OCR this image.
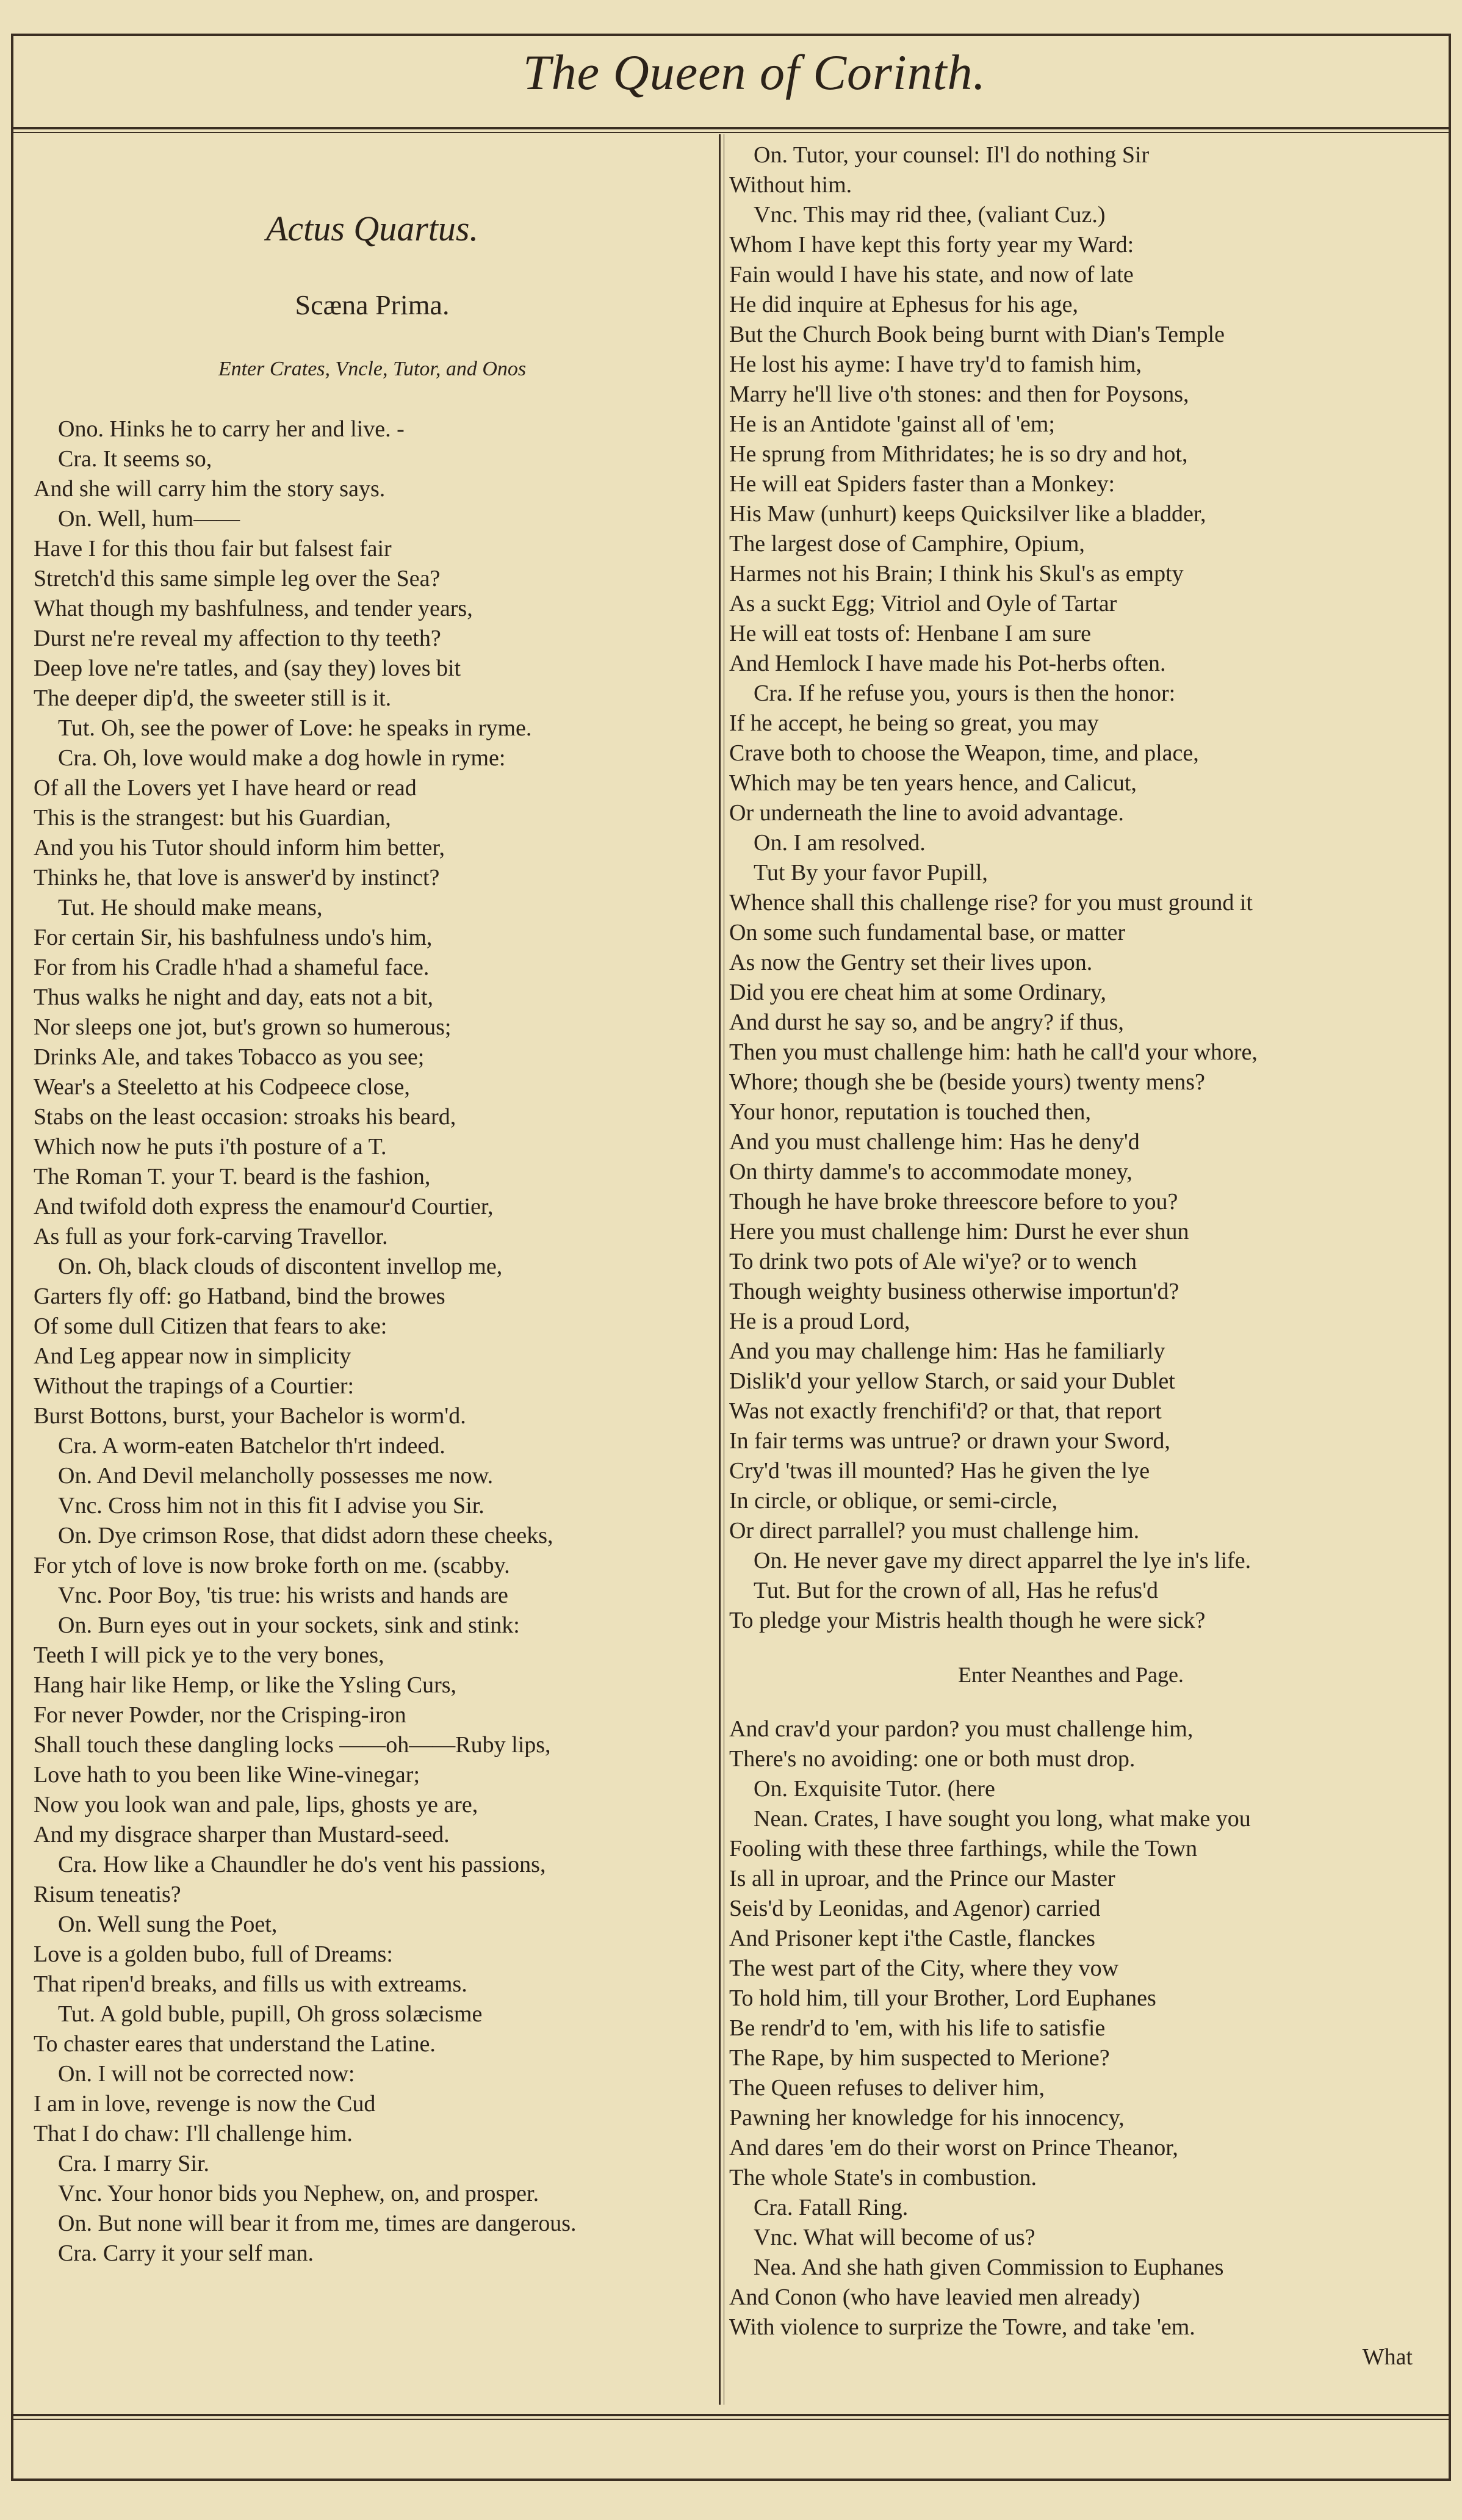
The Queen of Corinth.
Actus Quartus.
Scæna Prima.
Enter Crates, Vncle, Tutor, and Onos
Ono. Hinks he to carry her and live. -
Cra. It seems so,
And she will carry him the story says.
On. Well, hum——
Have I for this thou fair but falsest fair
Stretch'd this same simple leg over the Sea?
What though my bashfulness, and tender years,
Durst ne're reveal my affection to thy teeth?
Deep love ne're tatles, and (say they) loves bit
The deeper dip'd, the sweeter still is it.
Tut. Oh, see the power of Love: he speaks in ryme.
Cra. Oh, love would make a dog howle in ryme:
Of all the Lovers yet I have heard or read
This is the strangest: but his Guardian,
And you his Tutor should inform him better,
Thinks he, that love is answer'd by instinct?
Tut. He should make means,
For certain Sir, his bashfulness undo's him,
For from his Cradle h'had a shameful face.
Thus walks he night and day, eats not a bit,
Nor sleeps one jot, but's grown so humerous;
Drinks Ale, and takes Tobacco as you see;
Wear's a Steeletto at his Codpeece close,
Stabs on the least occasion: stroaks his beard,
Which now he puts i'th posture of a T.
The Roman T. your T. beard is the fashion,
And twifold doth express the enamour'd Courtier,
As full as your fork-carving Travellor.
On. Oh, black clouds of discontent invellop me,
Garters fly off: go Hatband, bind the browes
Of some dull Citizen that fears to ake:
And Leg appear now in simplicity
Without the trapings of a Courtier:
Burst Bottons, burst, your Bachelor is worm'd.
Cra. A worm-eaten Batchelor th'rt indeed.
On. And Devil melancholly possesses me now.
Vnc. Cross him not in this fit I advise you Sir.
On. Dye crimson Rose, that didst adorn these cheeks,
For ytch of love is now broke forth on me. (scabby.
Vnc. Poor Boy, 'tis true: his wrists and hands are
On. Burn eyes out in your sockets, sink and stink:
Teeth I will pick ye to the very bones,
Hang hair like Hemp, or like the Ysling Curs,
For never Powder, nor the Crisping-iron
Shall touch these dangling locks ——oh——Ruby lips,
Love hath to you been like Wine-vinegar;
Now you look wan and pale, lips, ghosts ye are,
And my disgrace sharper than Mustard-seed.
Cra. How like a Chaundler he do's vent his passions,
Risum teneatis?
On. Well sung the Poet,
Love is a golden bubo, full of Dreams:
That ripen'd breaks, and fills us with extreams.
Tut. A gold buble, pupill, Oh gross solæcisme
To chaster eares that understand the Latine.
On. I will not be corrected now:
I am in love, revenge is now the Cud
That I do chaw: I'll challenge him.
Cra. I marry Sir.
Vnc. Your honor bids you Nephew, on, and prosper.
On. But none will bear it from me, times are dangerous.
Cra. Carry it your self man.
On. Tutor, your counsel: Il'l do nothing Sir
Without him.
Vnc. This may rid thee, (valiant Cuz.)
Whom I have kept this forty year my Ward:
Fain would I have his state, and now of late
He did inquire at Ephesus for his age,
But the Church Book being burnt with Dian's Temple
He lost his ayme: I have try'd to famish him,
Marry he'll live o'th stones: and then for Poysons,
He is an Antidote 'gainst all of 'em;
He sprung from Mithridates; he is so dry and hot,
He will eat Spiders faster than a Monkey:
His Maw (unhurt) keeps Quicksilver like a bladder,
The largest dose of Camphire, Opium,
Harmes not his Brain; I think his Skul's as empty
As a suckt Egg; Vitriol and Oyle of Tartar
He will eat tosts of: Henbane I am sure
And Hemlock I have made his Pot-herbs often.
Cra. If he refuse you, yours is then the honor:
If he accept, he being so great, you may
Crave both to choose the Weapon, time, and place,
Which may be ten years hence, and Calicut,
Or underneath the line to avoid advantage.
On. I am resolved.
Tut By your favor Pupill,
Whence shall this challenge rise? for you must ground it
On some such fundamental base, or matter
As now the Gentry set their lives upon.
Did you ere cheat him at some Ordinary,
And durst he say so, and be angry? if thus,
Then you must challenge him: hath he call'd your whore,
Whore; though she be (beside yours) twenty mens?
Your honor, reputation is touched then,
And you must challenge him: Has he deny'd
On thirty damme's to accommodate money,
Though he have broke threescore before to you?
Here you must challenge him: Durst he ever shun
To drink two pots of Ale wi'ye? or to wench
Though weighty business otherwise importun'd?
He is a proud Lord,
And you may challenge him: Has he familiarly
Dislik'd your yellow Starch, or said your Dublet
Was not exactly frenchifi'd? or that, that report
In fair terms was untrue? or drawn your Sword,
Cry'd 'twas ill mounted? Has he given the lye
In circle, or oblique, or semi-circle,
Or direct parrallel? you must challenge him.
On. He never gave my direct apparrel the lye in's life.
Tut. But for the crown of all, Has he refus'd
To pledge your Mistris health though he were sick?
Enter Neanthes and Page.
And crav'd your pardon? you must challenge him,
There's no avoiding: one or both must drop.
On. Exquisite Tutor. (here
Nean. Crates, I have sought you long, what make you
Fooling with these three farthings, while the Town
Is all in uproar, and the Prince our Master
Seis'd by Leonidas, and Agenor) carried
And Prisoner kept i'the Castle, flanckes
The west part of the City, where they vow
To hold him, till your Brother, Lord Euphanes
Be rendr'd to 'em, with his life to satisfie
The Rape, by him suspected to Merione?
The Queen refuses to deliver him,
Pawning her knowledge for his innocency,
And dares 'em do their worst on Prince Theanor,
The whole State's in combustion.
Cra. Fatall Ring.
Vnc. What will become of us?
Nea. And she hath given Commission to Euphanes
And Conon (who have leavied men already)
With violence to surprize the Towre, and take 'em.
What
